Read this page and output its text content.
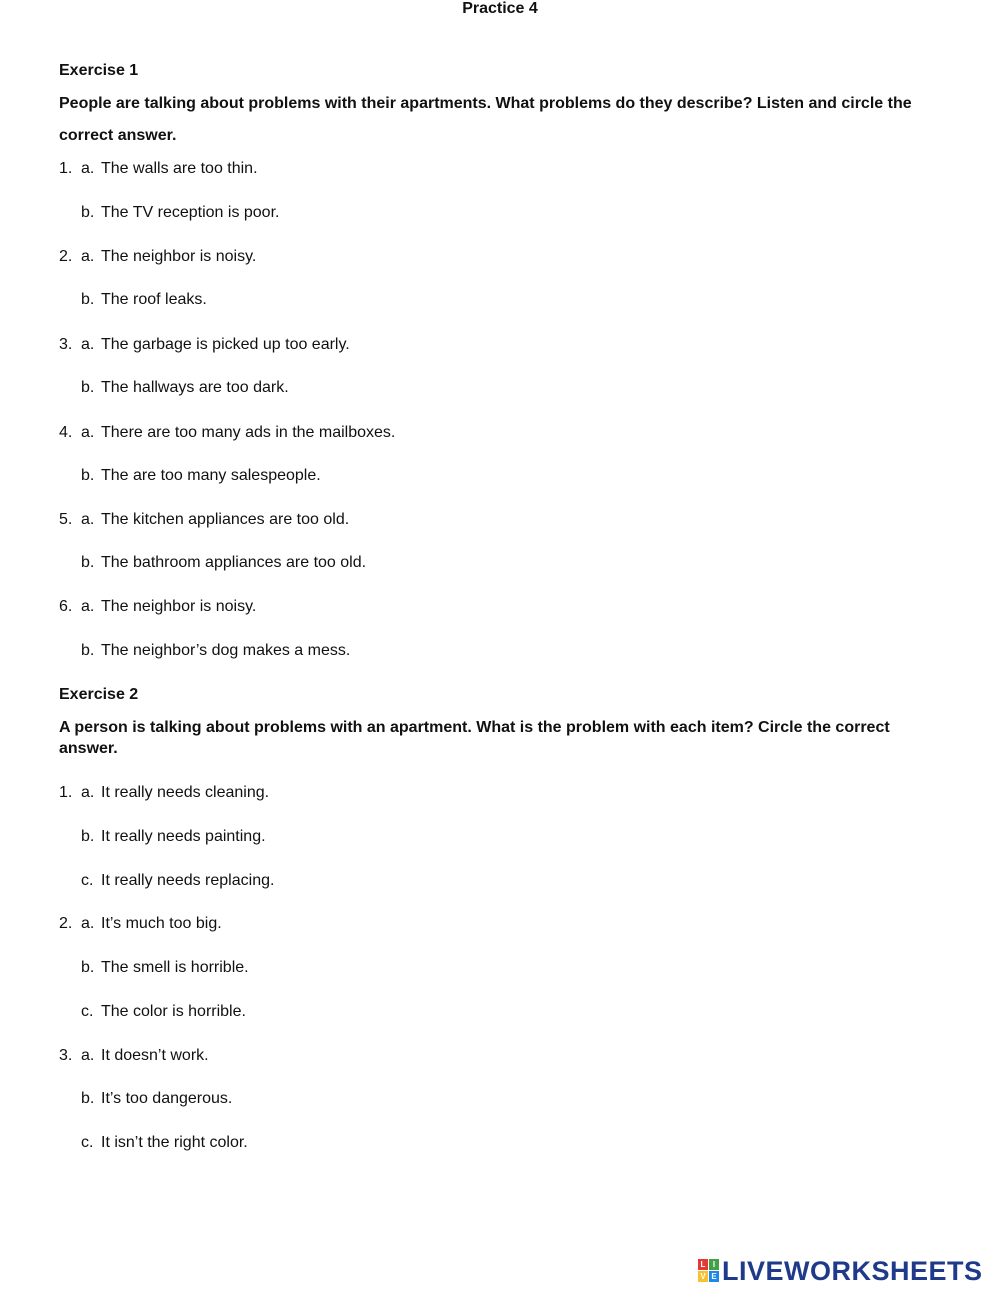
Practice 4
Exercise 1
People are talking about problems with their apartments. What problems do they describe? Listen and circle the
correct answer.
1. a. The walls are too thin.
b. The TV reception is poor.
2. a. The neighbor is noisy.
b. The roof leaks.
3. a. The garbage is picked up too early.
b. The hallways are too dark.
4. a. There are too many ads in the mailboxes.
b. The are too many salespeople.
5. a. The kitchen appliances are too old.
b. The bathroom appliances are too old.
6. a. The neighbor is noisy.
b. The neighbor’s dog makes a mess.
Exercise 2
A person is talking about problems with an apartment. What is the problem with each item? Circle the correct
answer.
1. a. It really needs cleaning.
b. It really needs painting.
c. It really needs replacing.
2. a. It’s much too big.
b. The smell is horrible.
c. The color is horrible.
3. a. It doesn’t work.
b. It’s too dangerous.
c. It isn’t the right color.
L I
V E LIVEWORKSHEETS
